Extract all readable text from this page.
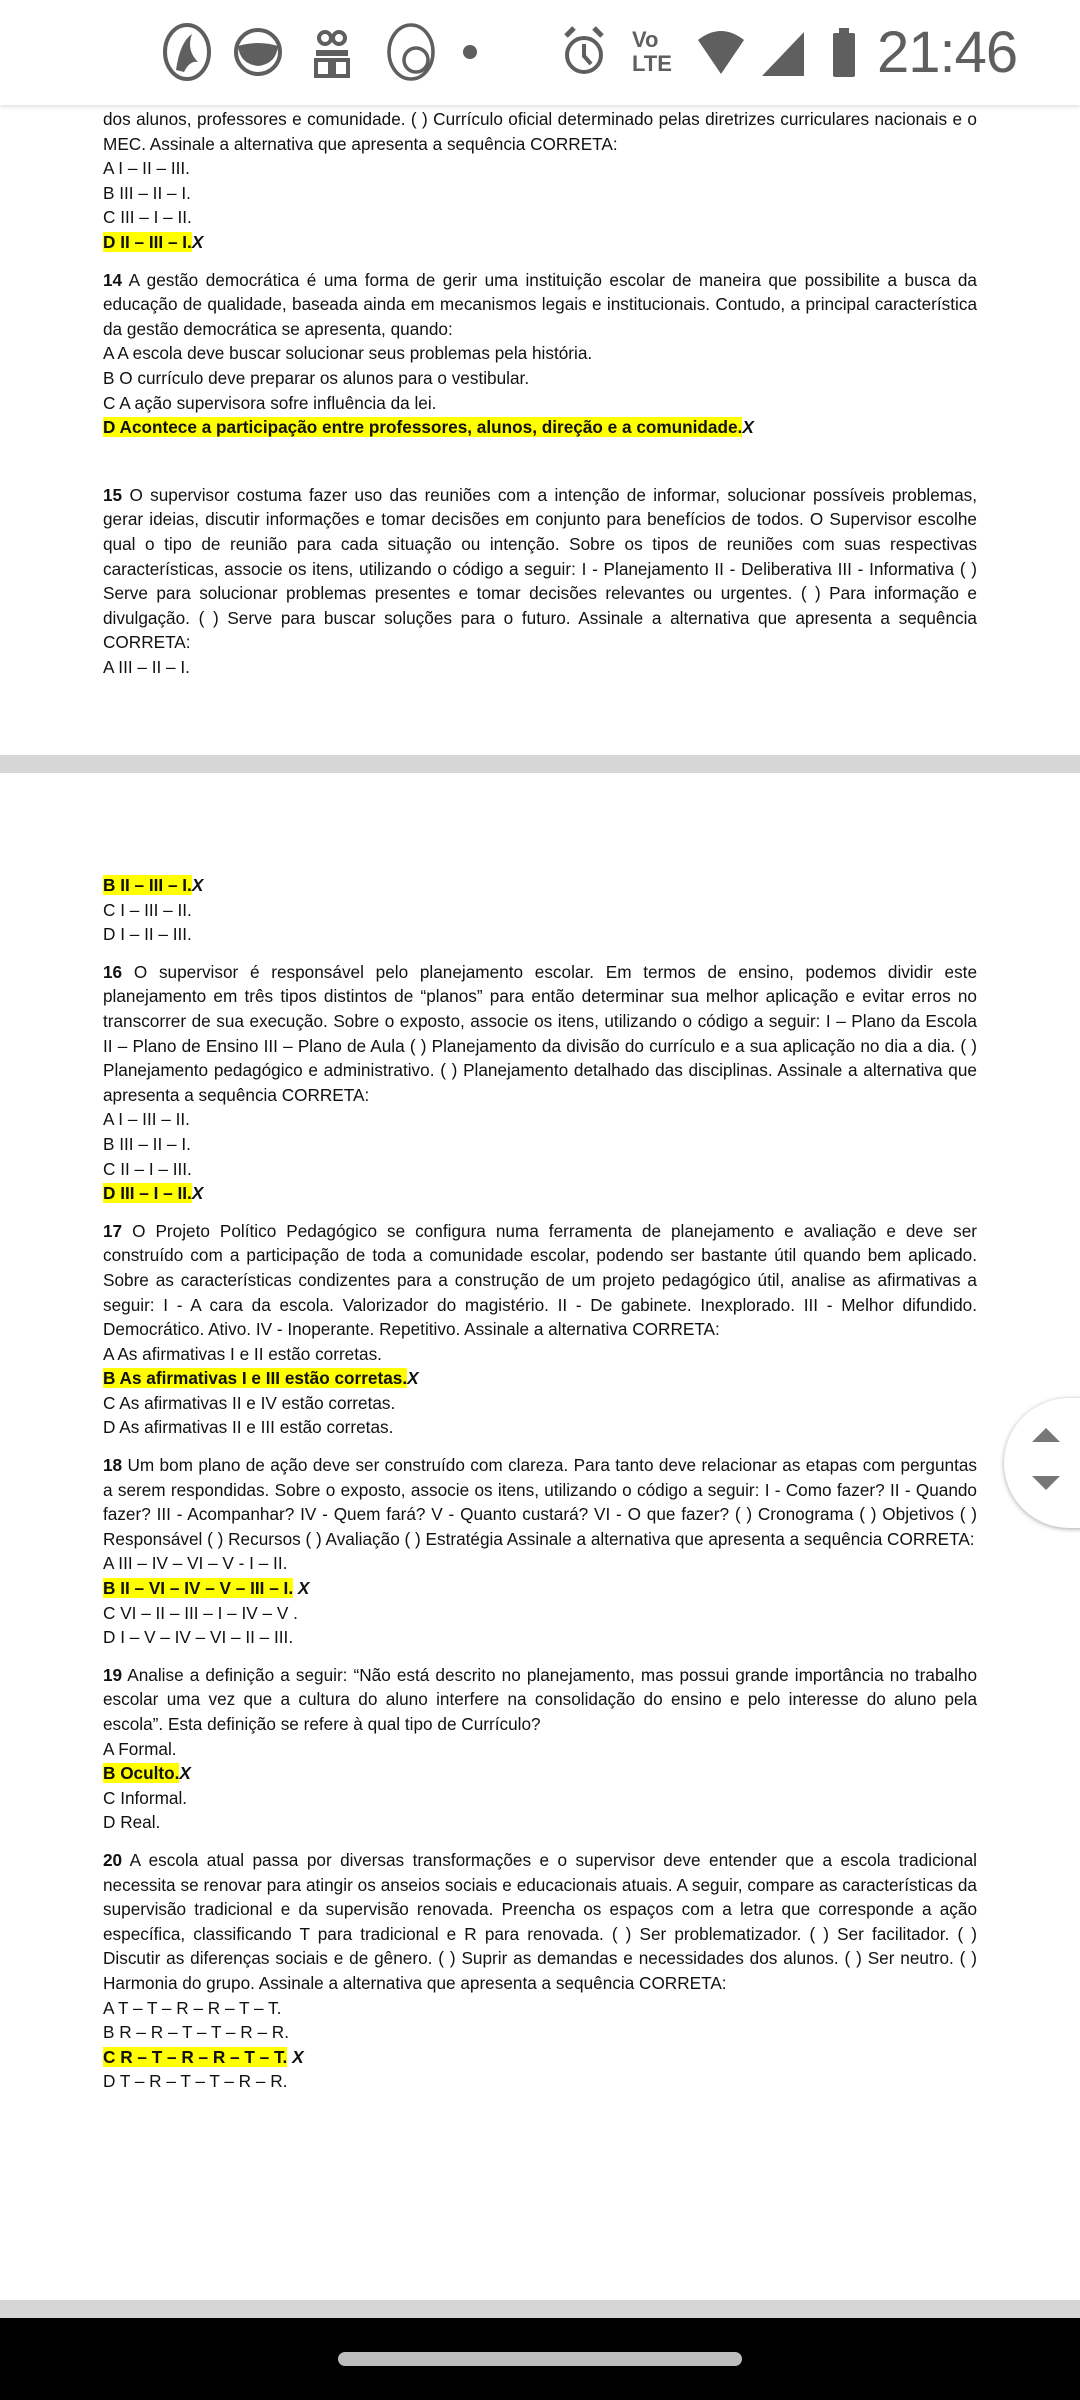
Vo
LTE	21:46

dos alunos, professores e comunidade. ( ) Currículo oficial determinado pelas diretrizes curriculares nacionais e o MEC. Assinale a alternativa que apresenta a sequência CORRETA:

A I – II – III.
B III – II – I.
C III – I – II.
D II – III – I.X

14 A gestão democrática é uma forma de gerir uma instituição escolar de maneira que possibilite a busca da educação de qualidade, baseada ainda em mecanismos legais e institucionais. Contudo, a principal característica da gestão democrática se apresenta, quando:

A A escola deve buscar solucionar seus problemas pela história.
B O currículo deve preparar os alunos para o vestibular.
C A ação supervisora sofre influência da lei.
D Acontece a participação entre professores, alunos, direção e a comunidade.X

15 O supervisor costuma fazer uso das reuniões com a intenção de informar, solucionar possíveis problemas, gerar ideias, discutir informações e tomar decisões em conjunto para benefícios de todos. O Supervisor escolhe qual o tipo de reunião para cada situação ou intenção. Sobre os tipos de reuniões com suas respectivas características, associe os itens, utilizando o código a seguir: I - Planejamento II - Deliberativa III - Informativa ( ) Serve para solucionar problemas presentes e tomar decisões relevantes ou urgentes. ( ) Para informação e divulgação. ( ) Serve para buscar soluções para o futuro. Assinale a alternativa que apresenta a sequência CORRETA:

A III – II – I.
B II – III – I.X
C I – III – II.
D I – II – III.

16 O supervisor é responsável pelo planejamento escolar. Em termos de ensino, podemos dividir este planejamento em três tipos distintos de “planos” para então determinar sua melhor aplicação e evitar erros no transcorrer de sua execução. Sobre o exposto, associe os itens, utilizando o código a seguir: I – Plano da Escola II – Plano de Ensino III – Plano de Aula ( ) Planejamento da divisão do currículo e a sua aplicação no dia a dia. ( ) Planejamento pedagógico e administrativo. ( ) Planejamento detalhado das disciplinas. Assinale a alternativa que apresenta a sequência CORRETA:

A I – III – II.
B III – II – I.
C II – I – III.
D III – I – II.X

17 O Projeto Político Pedagógico se configura numa ferramenta de planejamento e avaliação e deve ser construído com a participação de toda a comunidade escolar, podendo ser bastante útil quando bem aplicado. Sobre as características condizentes para a construção de um projeto pedagógico útil, analise as afirmativas a seguir: I - A cara da escola. Valorizador do magistério. II - De gabinete. Inexplorado. III - Melhor difundido. Democrático. Ativo. IV - Inoperante. Repetitivo. Assinale a alternativa CORRETA:

A As afirmativas I e II estão corretas.
B As afirmativas I e III estão corretas.X
C As afirmativas II e IV estão corretas.
D As afirmativas II e III estão corretas.

18 Um bom plano de ação deve ser construído com clareza. Para tanto deve relacionar as etapas com perguntas a serem respondidas. Sobre o exposto, associe os itens, utilizando o código a seguir: I - Como fazer? II - Quando fazer? III - Acompanhar? IV - Quem fará? V - Quanto custará? VI - O que fazer? ( ) Cronograma ( ) Objetivos ( ) Responsável ( ) Recursos ( ) Avaliação ( ) Estratégia Assinale a alternativa que apresenta a sequência CORRETA:

A III – IV – VI – V - I – II.
B II – VI – IV – V – III – I. X
C VI – II – III – I – IV – V .
D I – V – IV – VI – II – III.

19 Analise a definição a seguir: “Não está descrito no planejamento, mas possui grande importância no trabalho escolar uma vez que a cultura do aluno interfere na consolidação do ensino e pelo interesse do aluno pela escola”. Esta definição se refere à qual tipo de Currículo?

A Formal.
B Oculto.X
C Informal.
D Real.

20 A escola atual passa por diversas transformações e o supervisor deve entender que a escola tradicional necessita se renovar para atingir os anseios sociais e educacionais atuais. A seguir, compare as características da supervisão tradicional e da supervisão renovada. Preencha os espaços com a letra que corresponde a ação específica, classificando T para tradicional e R para renovada. ( ) Ser problematizador. ( ) Ser facilitador. ( ) Discutir as diferenças sociais e de gênero. ( ) Suprir as demandas e necessidades dos alunos. ( ) Ser neutro. ( ) Harmonia do grupo. Assinale a alternativa que apresenta a sequência CORRETA:

A T – T – R – R – T – T.
B R – R – T – T – R – R.
C R – T – R – R – T – T. X
D T – R – T – T – R – R.
